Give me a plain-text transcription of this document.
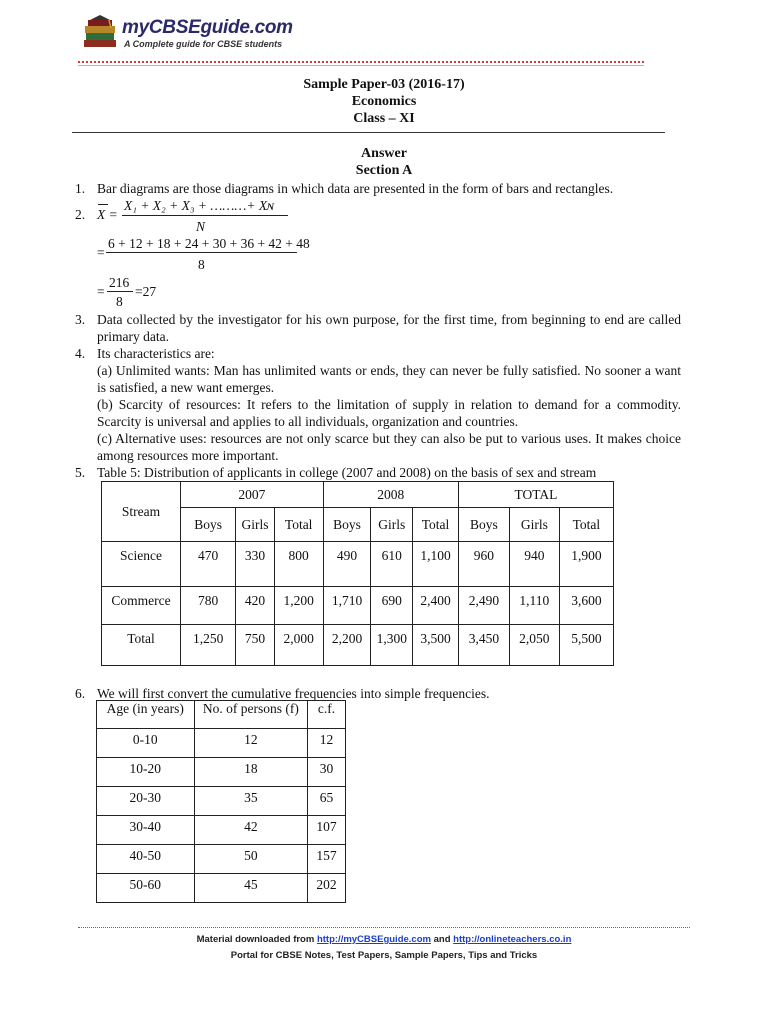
myCBSEguide.com
A Complete guide for CBSE students
Sample Paper-03 (2016-17)
Economics
Class – XI
Answer
Section A
1. Bar diagrams are those diagrams in which data are presented in the form of bars and rectangles.
2. X =
X₁ + X₂ + X₃ + ………+ Xɴ
N
=
6 + 12 + 18 + 24 + 30 + 36 + 42 + 48
8
=
216
8
=27
3. Data collected by the investigator for his own purpose, for the first time, from beginning to end are called primary data.
4. Its characteristics are:
(a) Unlimited wants: Man has unlimited wants or ends, they can never be fully satisfied. No sooner a want is satisfied, a new want emerges.
(b) Scarcity of resources: It refers to the limitation of supply in relation to demand for a commodity. Scarcity is universal and applies to all individuals, organization and countries.
(c) Alternative uses: resources are not only scarce but they can also be put to various uses. It makes choice among resources more important.
5. Table 5: Distribution of applicants in college (2007 and 2008) on the basis of sex and stream
Stream	2007			2008			TOTAL		
	Boys	Girls	Total	Boys	Girls	Total	Boys	Girls	Total
Science	470	330	800	490	610	1,100	960	940	1,900
Commerce	780	420	1,200	1,710	690	2,400	2,490	1,110	3,600
Total	1,250	750	2,000	2,200	1,300	3,500	3,450	2,050	5,500
6. We will first convert the cumulative frequencies into simple frequencies.
Age (in years)	No. of persons (f)	c.f.
0-10	12	12
10-20	18	30
20-30	35	65
30-40	42	107
40-50	50	157
50-60	45	202
Material downloaded from http://myCBSEguide.com and http://onlineteachers.co.in
Portal for CBSE Notes, Test Papers, Sample Papers, Tips and Tricks
